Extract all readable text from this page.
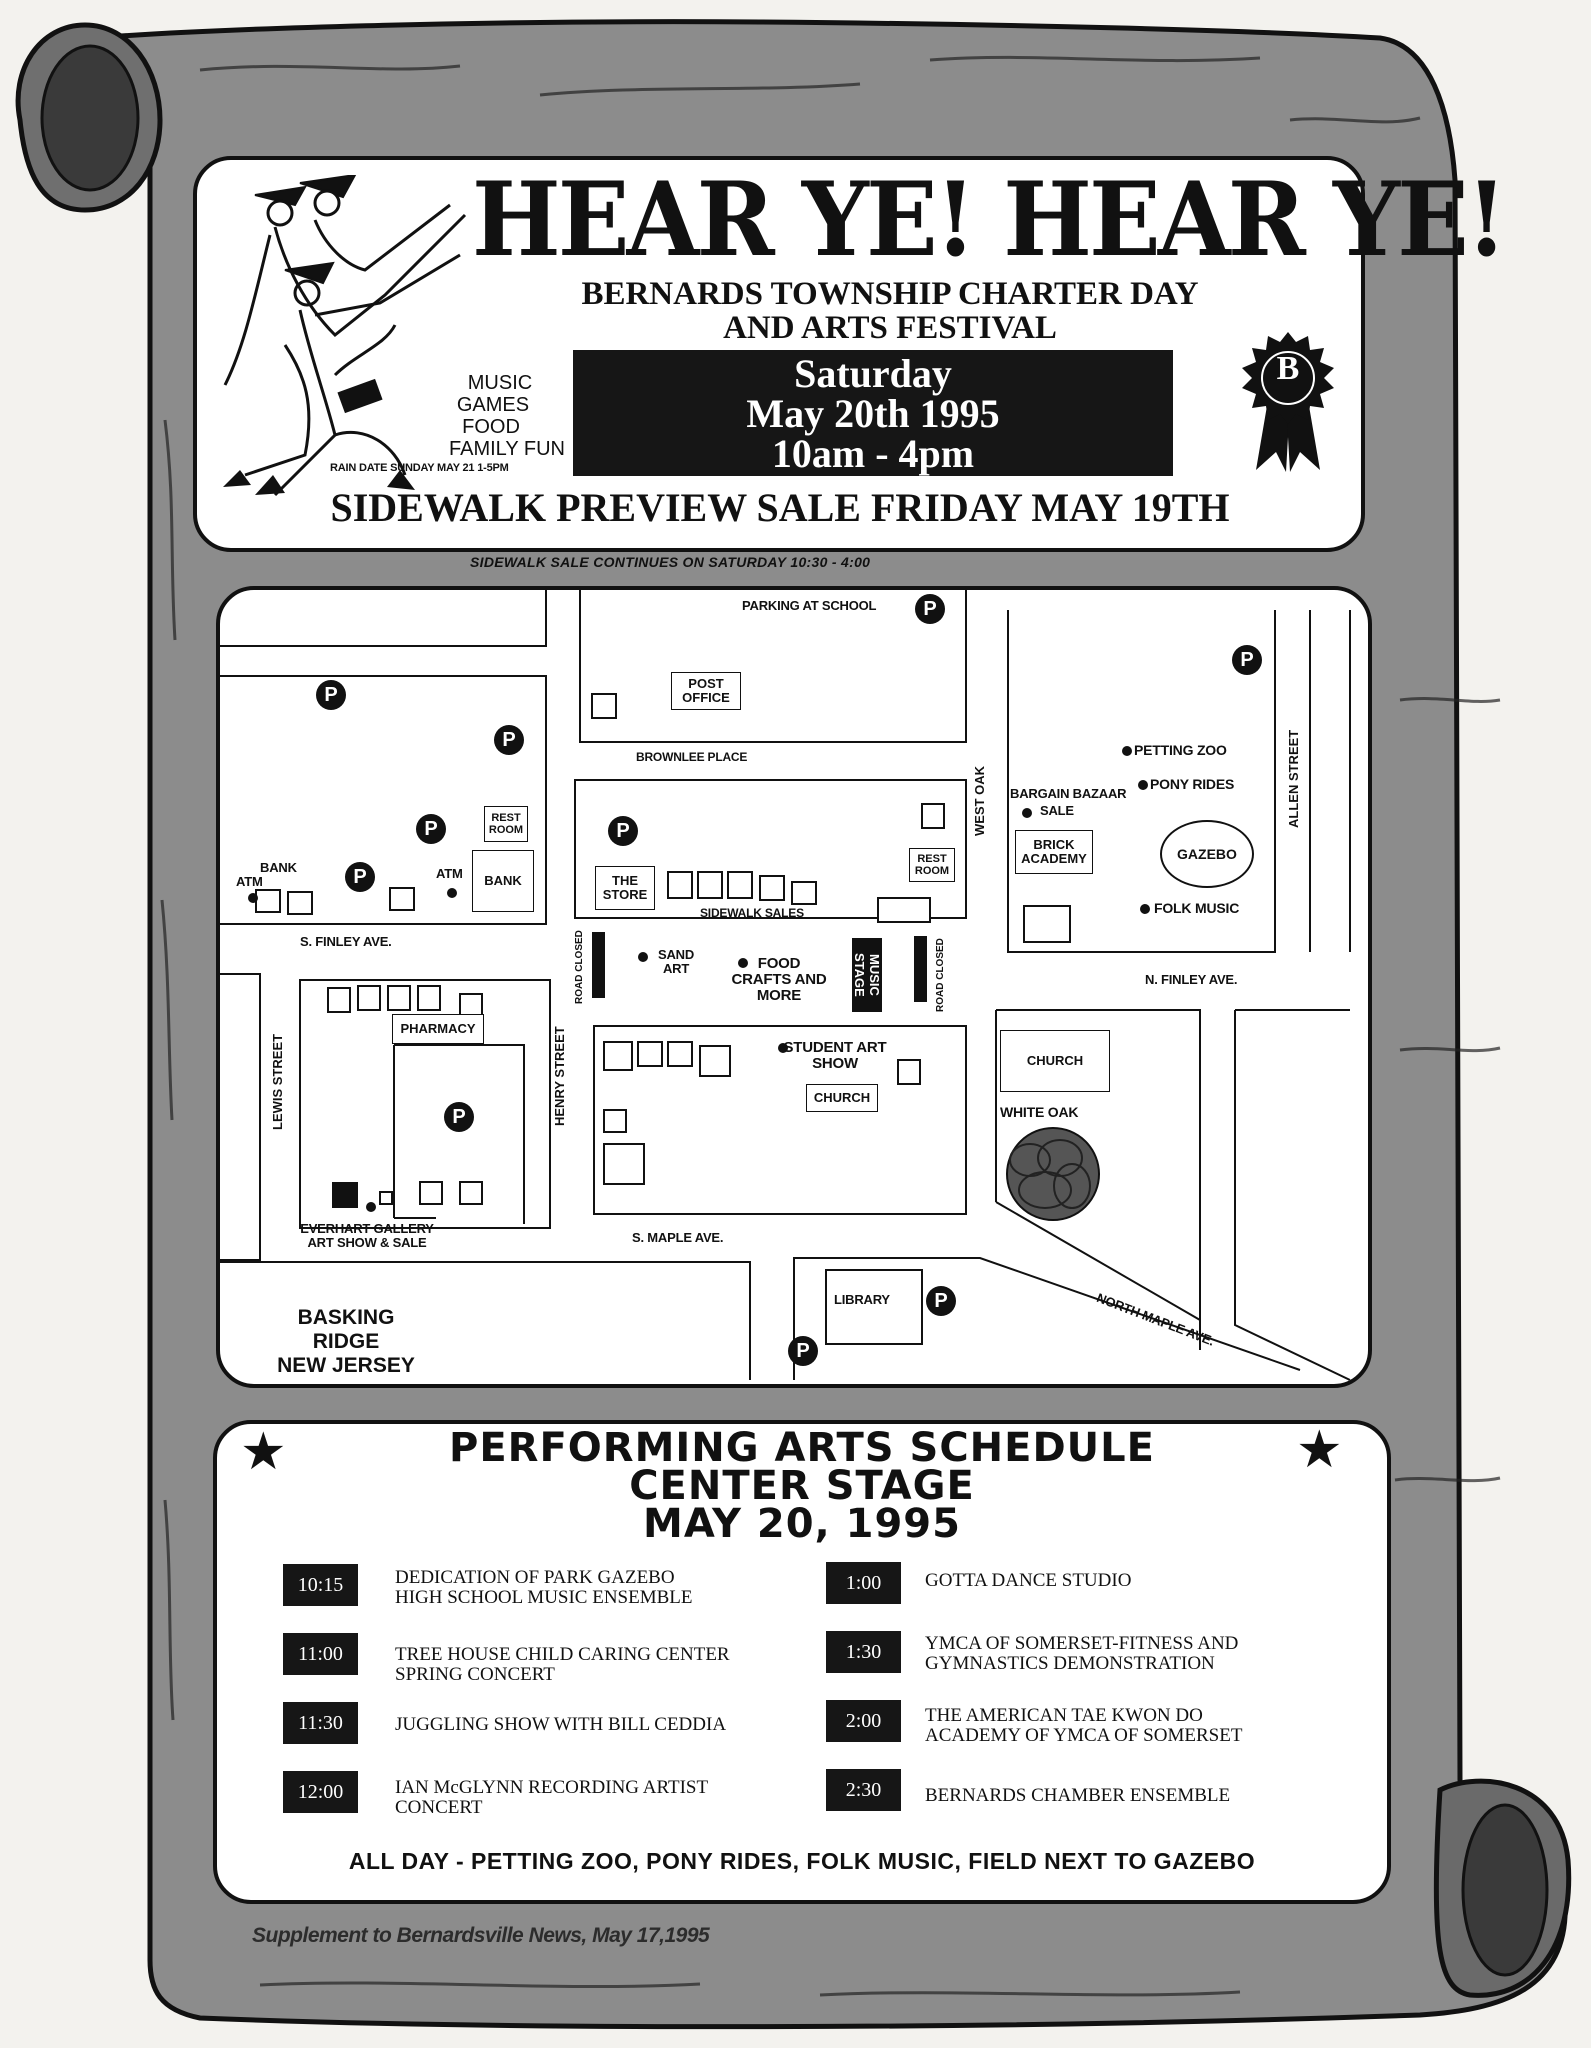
HEAR YE! HEAR YE!
BERNARDS TOWNSHIP CHARTER DAY
AND ARTS FESTIVAL
Saturday
May 20th 1995
10am - 4pm
MUSIC
GAMES
FOOD
FAMILY FUN
RAIN DATE SUNDAY MAY 21 1-5PM
B
SIDEWALK PREVIEW SALE FRIDAY MAY 19TH
SIDEWALK SALE CONTINUES ON SATURDAY 10:30 - 4:00
PARKING AT SCHOOL	P
P
P
P
P	P
P
P
P
P
POST OFFICE
BROWNLEE PLACE
WEST OAK	ALLEN STREET
PETTING ZOO
PONY RIDES
BARGAIN BAZAAR
SALE
BRICK ACADEMY	GAZEBO
FOLK MUSIC
REST ROOM
BANK
ATM
BANK
ATM	THE STORE
REST ROOM
SIDEWALK SALES
S. FINLEY AVE.
N. FINLEY AVE.
ROAD CLOSED	ROAD CLOSED
SAND ART	FOOD CRAFTS AND MORE	MUSIC STAGE
PHARMACY
LEWIS STREET	HENRY STREET	STUDENT ART SHOW
CHURCH
CHURCH
WHITE OAK
EVERHART GALLERY
ART SHOW & SALE	S. MAPLE AVE.
LIBRARY	NORTH MAPLE AVE.
BASKING RIDGE
NEW JERSEY
★	★
PERFORMING ARTS SCHEDULE
CENTER STAGE
MAY 20, 1995
10:15	DEDICATION OF PARK GAZEBO
HIGH SCHOOL MUSIC ENSEMBLE
11:00	TREE HOUSE CHILD CARING CENTER
SPRING CONCERT
11:30	JUGGLING SHOW WITH BILL CEDDIA
12:00	IAN McGLYNN RECORDING ARTIST
CONCERT
1:00	GOTTA DANCE STUDIO
1:30	YMCA OF SOMERSET-FITNESS AND
GYMNASTICS DEMONSTRATION
2:00	THE AMERICAN TAE KWON DO
ACADEMY OF YMCA OF SOMERSET
2:30	BERNARDS CHAMBER ENSEMBLE
ALL DAY - PETTING ZOO, PONY RIDES, FOLK MUSIC, FIELD NEXT TO GAZEBO
Supplement to Bernardsville News, May 17,1995
